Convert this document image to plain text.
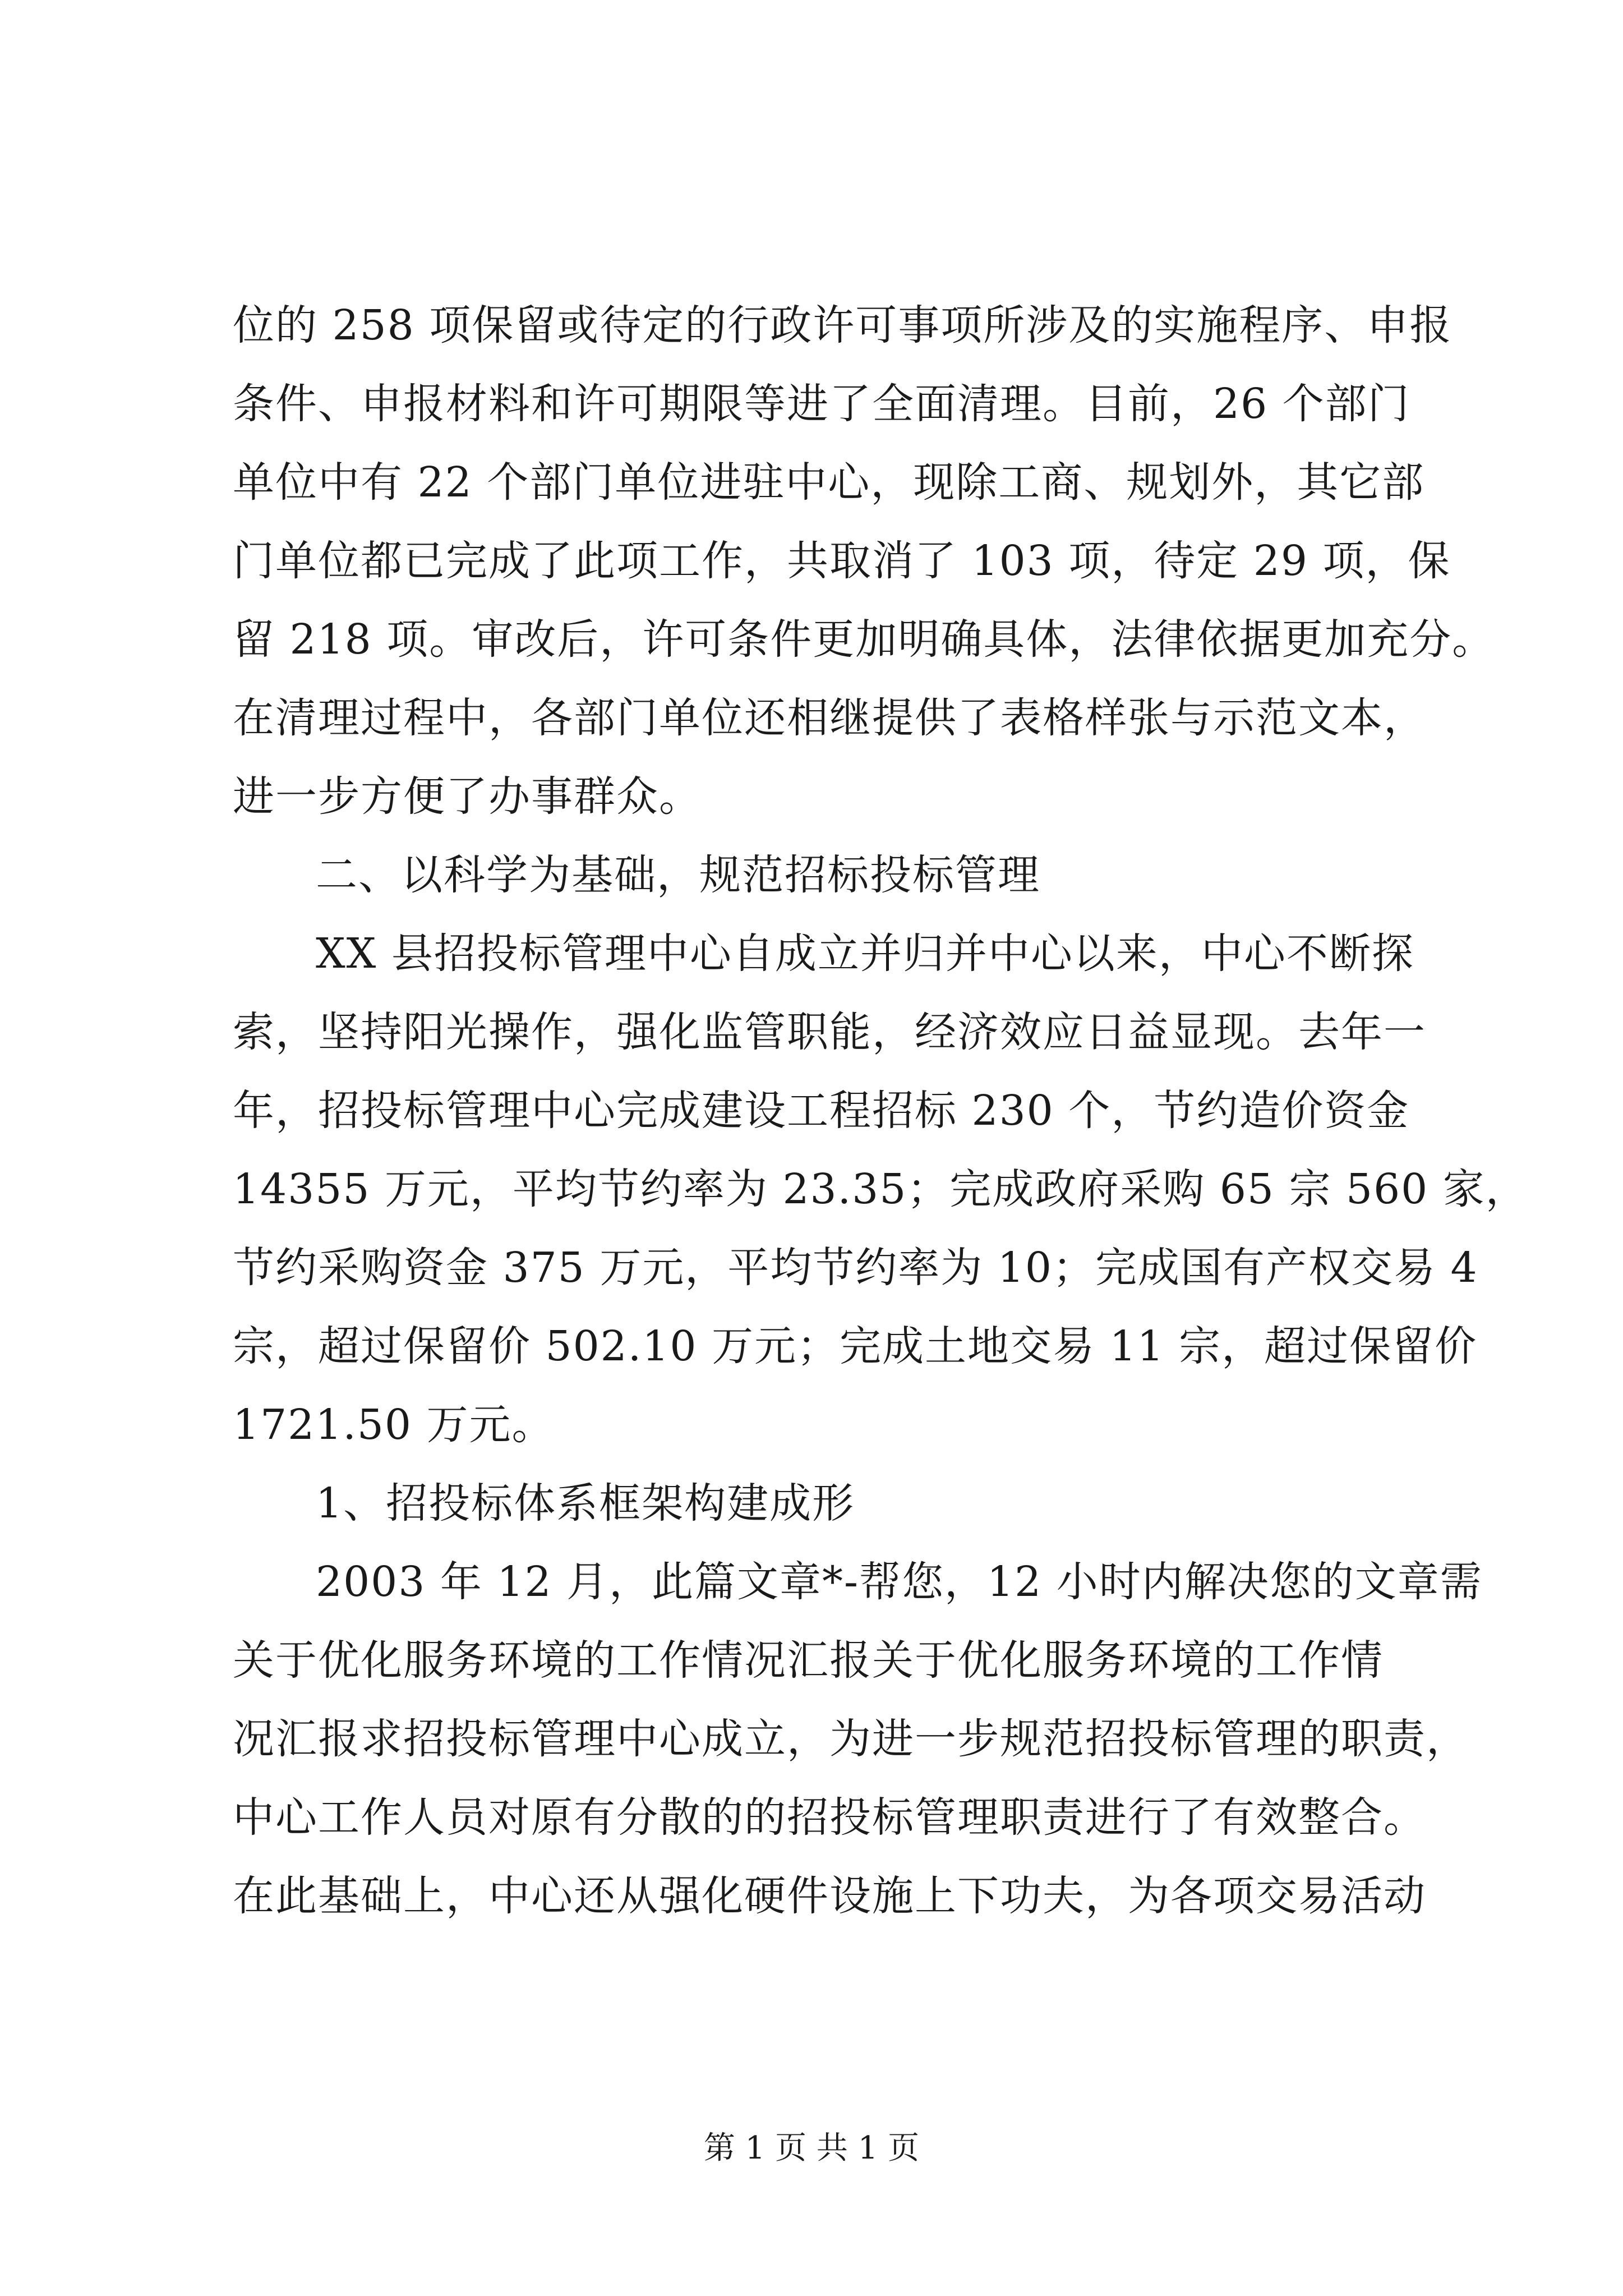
位的 258 项保留或待定的行政许可事项所涉及的实施程序、申报
条件、申报材料和许可期限等进了全面清理。目前，26 个部门
单位中有 22 个部门单位进驻中心，现除工商、规划外，其它部
门单位都已完成了此项工作，共取消了 103 项，待定 29 项，保
留 218 项。审改后，许可条件更加明确具体，法律依据更加充分。
在清理过程中，各部门单位还相继提供了表格样张与示范文本，
进一步方便了办事群众。
二、以科学为基础，规范招标投标管理
XX 县招投标管理中心自成立并归并中心以来，中心不断探
索，坚持阳光操作，强化监管职能，经济效应日益显现。去年一
年，招投标管理中心完成建设工程招标 230 个，节约造价资金
14355 万元，平均节约率为 23.35；完成政府采购 65 宗 560 家，
节约采购资金 375 万元，平均节约率为 10；完成国有产权交易 4
宗，超过保留价 502.10 万元；完成土地交易 11 宗，超过保留价
1721.50 万元。
1、招投标体系框架构建成形
2003 年 12 月，此篇文章*-帮您，12 小时内解决您的文章需
关于优化服务环境的工作情况汇报关于优化服务环境的工作情
况汇报求招投标管理中心成立，为进一步规范招投标管理的职责，
中心工作人员对原有分散的的招投标管理职责进行了有效整合。
在此基础上，中心还从强化硬件设施上下功夫，为各项交易活动
第 1 页 共 1 页
